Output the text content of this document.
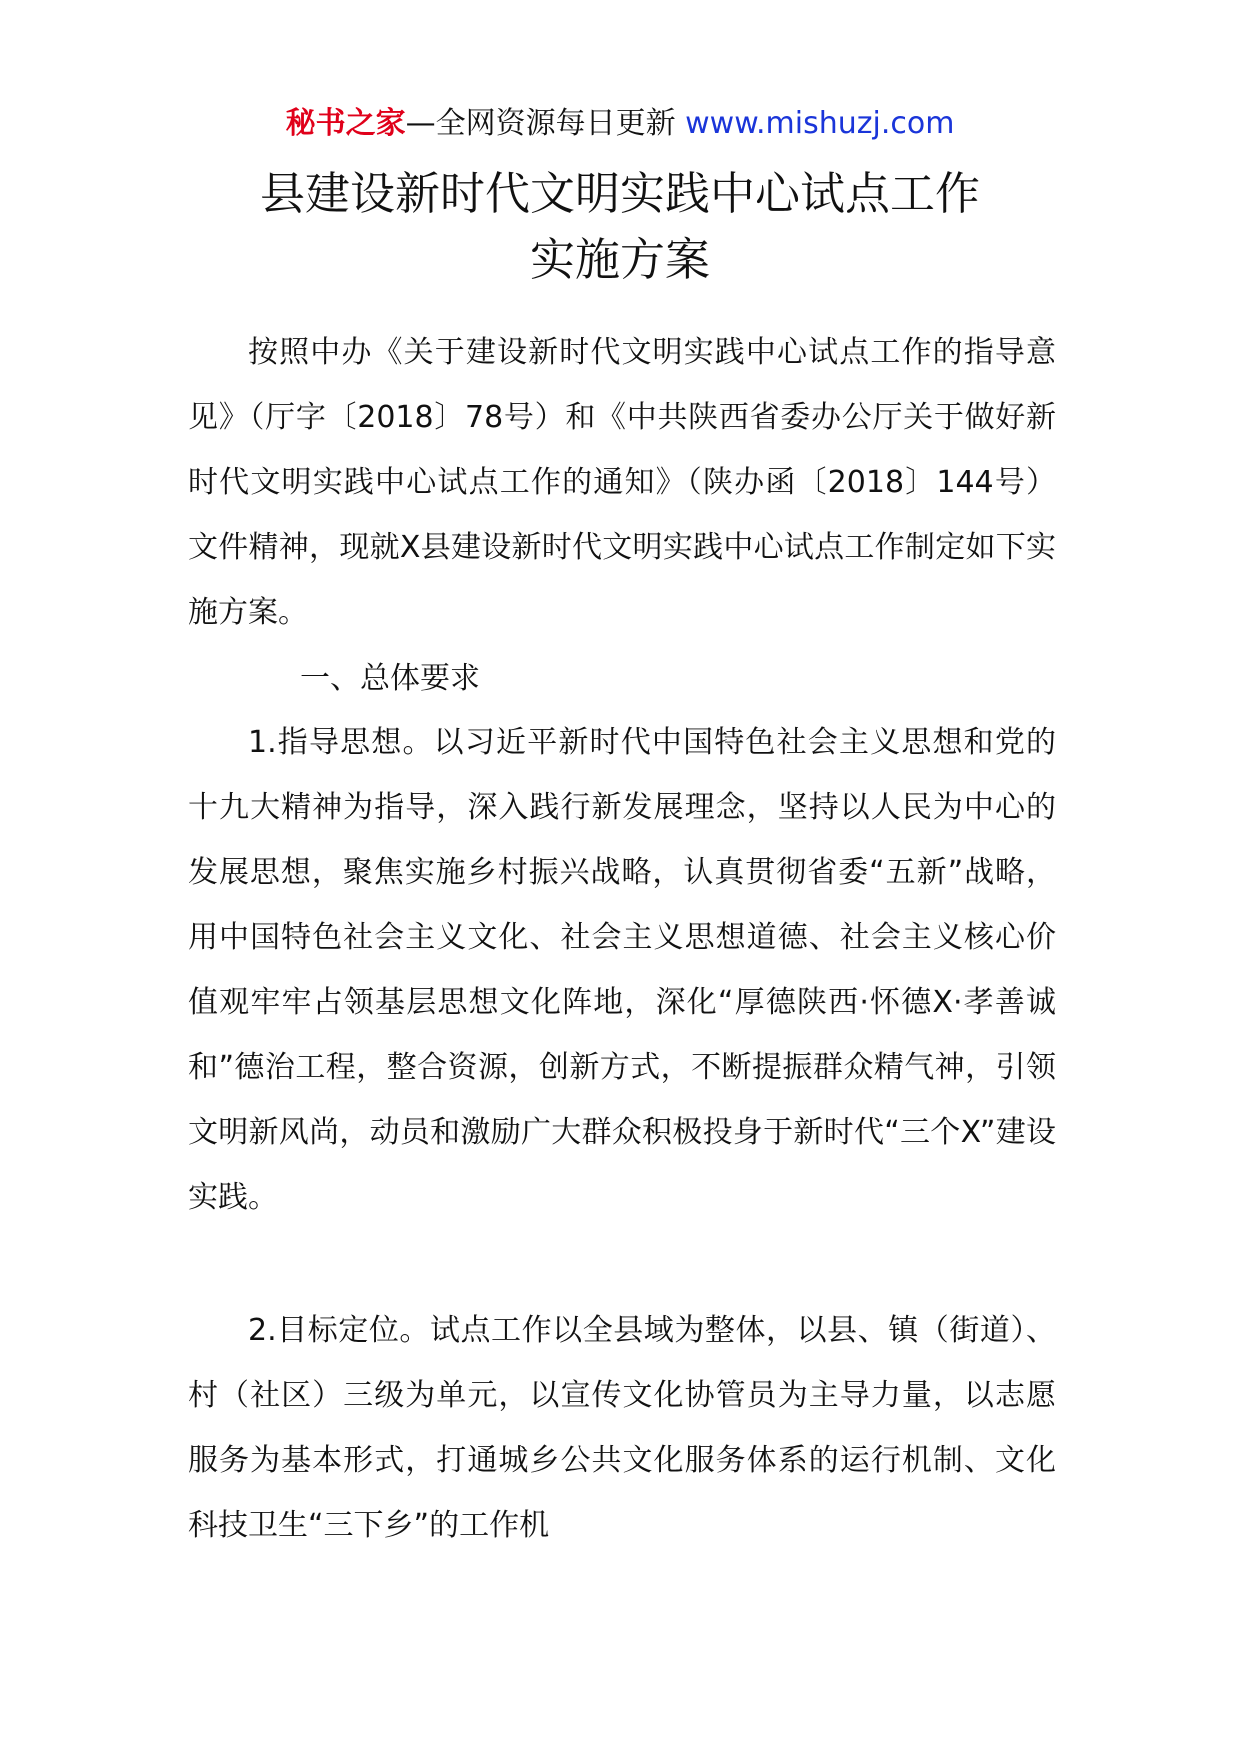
秘书之家—全网资源每日更新 www.mishuzj.com
县建设新时代文明实践中心试点工作
实施方案

按照中办《关于建设新时代文明实践中心试点工作的指导意见》（厅字〔2018〕78号）和《中共陕西省委办公厅关于做好新时代文明实践中心试点工作的通知》（陕办函〔2018〕144号）文件精神，现就X县建设新时代文明实践中心试点工作制定如下实施方案。

一、总体要求

1.指导思想。以习近平新时代中国特色社会主义思想和党的十九大精神为指导，深入践行新发展理念，坚持以人民为中心的发展思想，聚焦实施乡村振兴战略，认真贯彻省委“五新”战略，用中国特色社会主义文化、社会主义思想道德、社会主义核心价值观牢牢占领基层思想文化阵地，深化“厚德陕西·怀德X·孝善诚和”德治工程，整合资源，创新方式，不断提振群众精气神，引领文明新风尚，动员和激励广大群众积极投身于新时代“三个X”建设实践。

2.目标定位。试点工作以全县域为整体，以县、镇（街道）、村（社区）三级为单元，以宣传文化协管员为主导力量，以志愿服务为基本形式，打通城乡公共文化服务体系的运行机制、文化科技卫生“三下乡”的工作机
